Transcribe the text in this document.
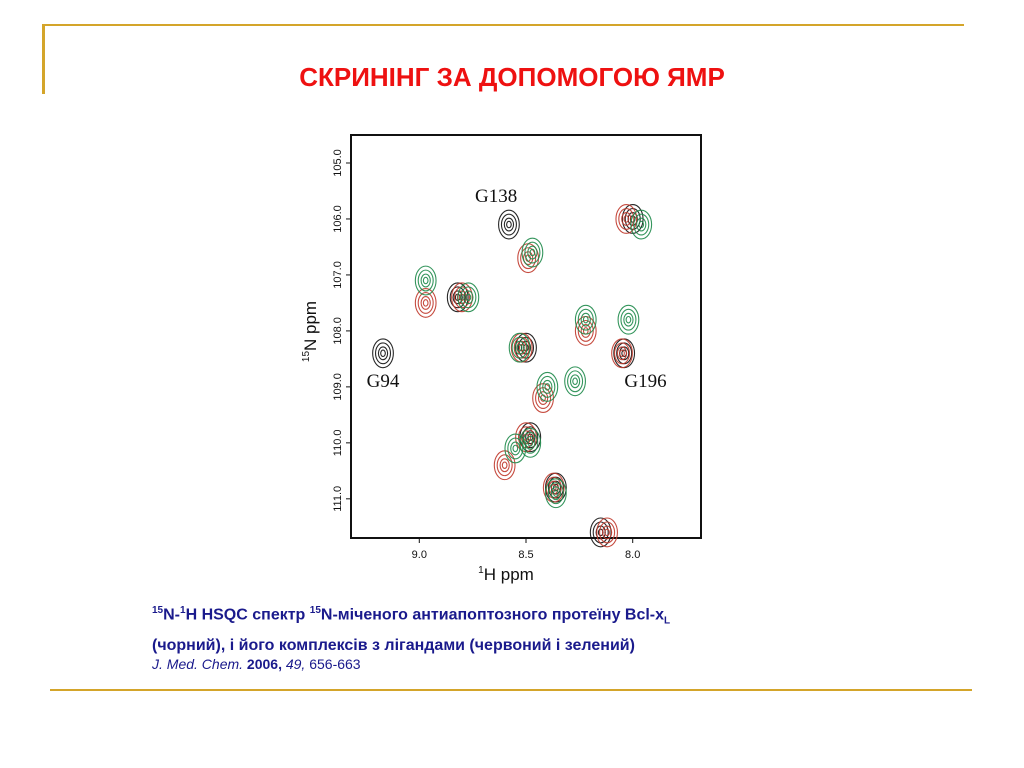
СКРИНІНГ ЗА ДОПОМОГОЮ ЯМР
9.0	8.5	8.0
105.0
106.0
107.0
108.0
109.0
110.0
111.0
$^1$H ppm
$^{15}$N ppm
G138
G94	G196
$^{15}$N-$^1$H HSQC спектр $^{15}$N-міченого антиапоптозного протеїну Bcl-$x_L$
(чорний), і його комплексів з лігандами (червоний і зелений)
J. Med. Chem. 2006, 49, 656-663
